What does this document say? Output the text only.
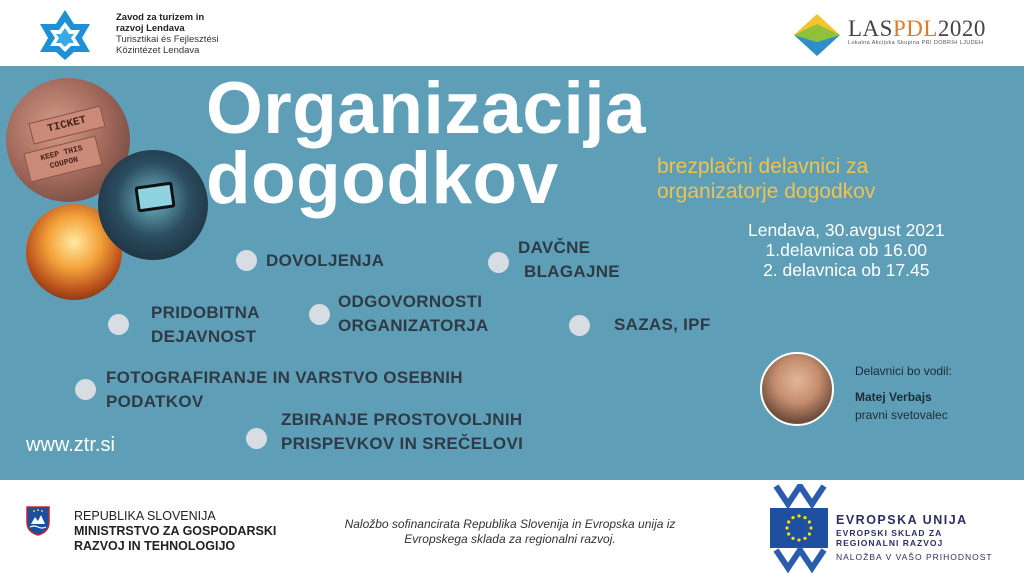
Zavod za turizem in
razvoj Lendava
Turisztikai és Fejlesztési
Közintézet Lendava
LASPDL2020
Lokalna Akcijska Skupina PRI DOBRIH LJUDEH
TICKET
KEEP THIS COUPON
Organizacija
dogodkov	brezplačni delavnici za
organizatorje dogodkov
Lendava, 30.avgust 2021
1.delavnica ob 16.00
2. delavnica ob 17.45
DOVOLJENJA
DAVČNE
BLAGAJNE
PRIDOBITNA
DEJAVNOST
ODGOVORNOSTI
ORGANIZATORJA	SAZAS, IPF
FOTOGRAFIRANJE IN VARSTVO OSEBNIH
PODATKOV
ZBIRANJE PROSTOVOLJNIH
PRISPEVKOV IN SREČELOVI
www.ztr.si
Delavnici bo vodil:
Matej Verbajs
pravni svetovalec
REPUBLIKA SLOVENIJA
MINISTRSTVO ZA GOSPODARSKI
RAZVOJ IN TEHNOLOGIJO
Naložbo sofinancirata Republika Slovenija in Evropska unija iz
Evropskega sklada za regionalni razvoj.
EVROPSKA UNIJA
EVROPSKI SKLAD ZA
REGIONALNI RAZVOJ
NALOŽBA V VAŠO PRIHODNOST
